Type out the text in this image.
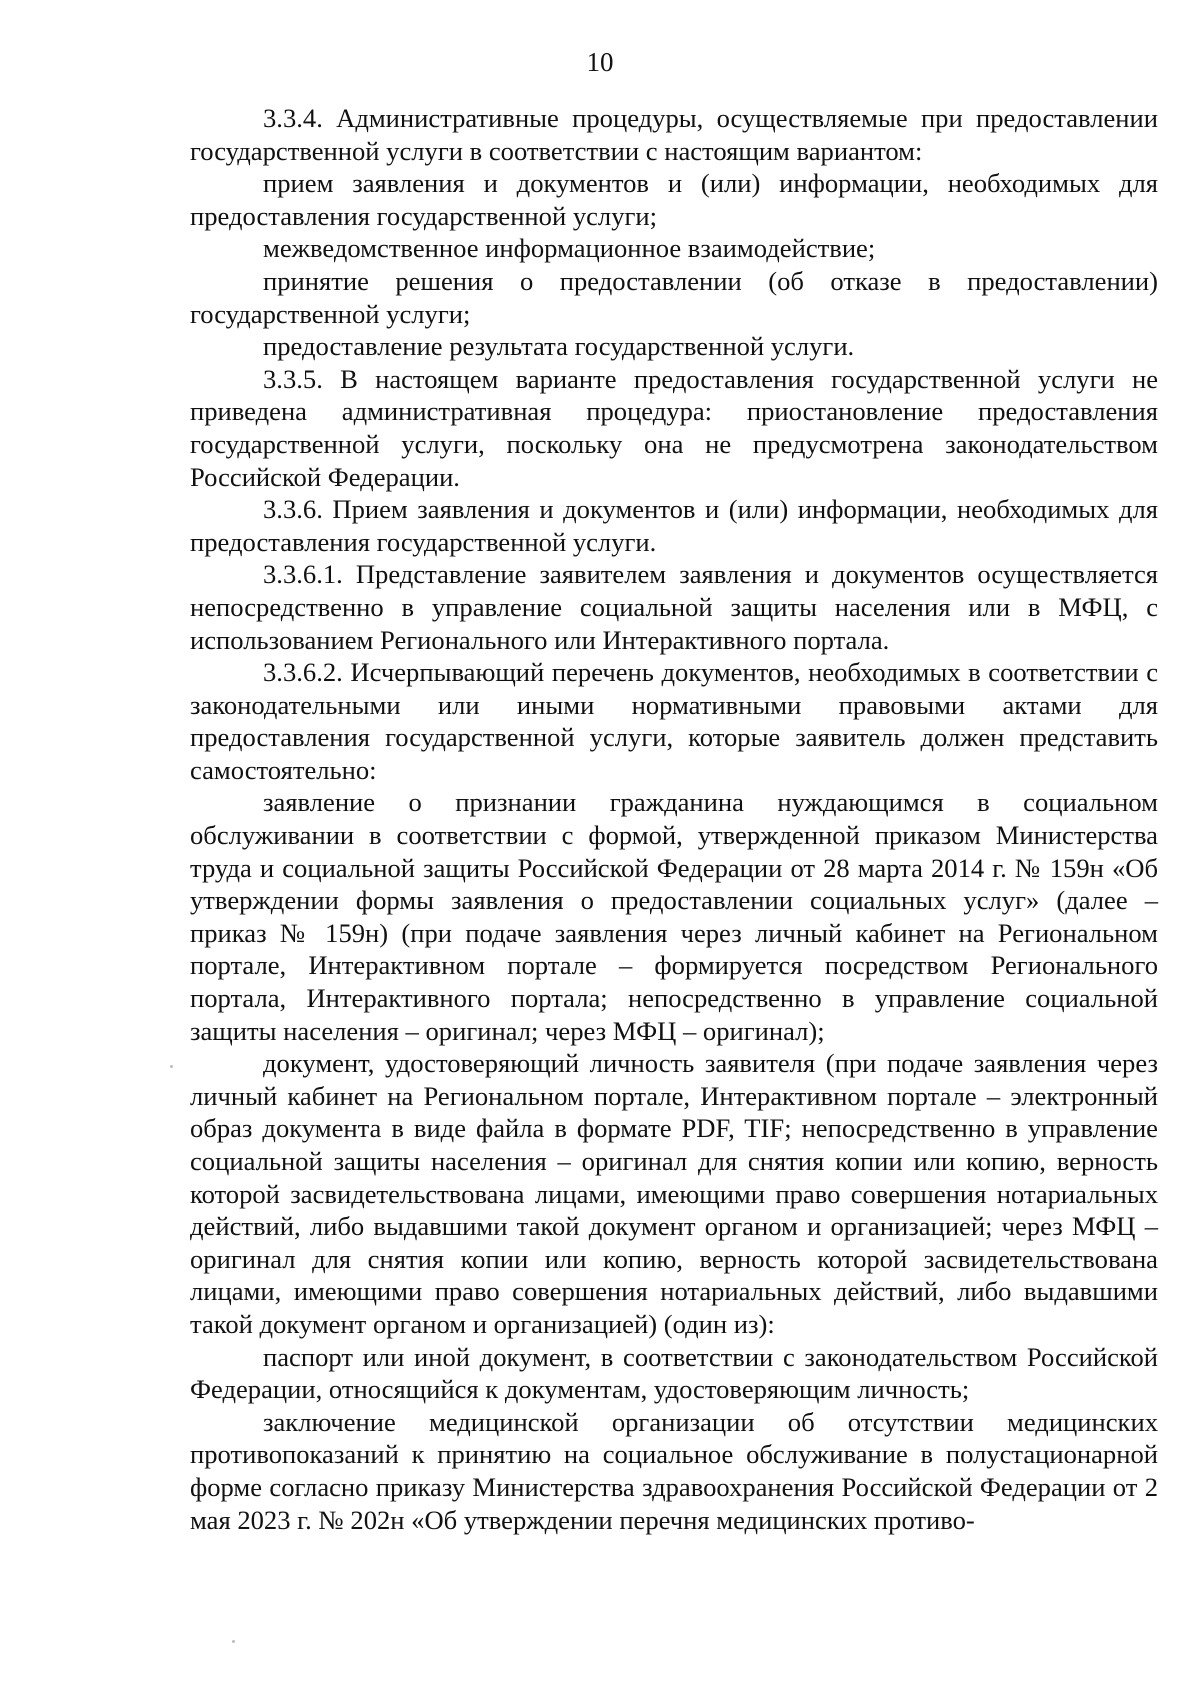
10

3.3.4. Административные процедуры, осуществляемые при предоставлении государственной услуги в соответствии с настоящим вариантом:

прием заявления и документов и (или) информации, необходимых для предоставления государственной услуги;

межведомственное информационное взаимодействие;

принятие решения о предоставлении (об отказе в предоставлении) государственной услуги;

предоставление результата государственной услуги.

3.3.5. В настоящем варианте предоставления государственной услуги не приведена административная процедура: приостановление предоставления государственной услуги, поскольку она не предусмотрена законодательством Российской Федерации.

3.3.6. Прием заявления и документов и (или) информации, необходимых для предоставления государственной услуги.

3.3.6.1. Представление заявителем заявления и документов осуществляется непосредственно в управление социальной защиты населения или в МФЦ, с использованием Регионального или Интерактивного портала.

3.3.6.2. Исчерпывающий перечень документов, необходимых в соответствии с законодательными или иными нормативными правовыми актами для предоставления государственной услуги, которые заявитель должен представить самостоятельно:

заявление о признании гражданина нуждающимся в социальном обслуживании в соответствии с формой, утвержденной приказом Министерства труда и социальной защиты Российской Федерации от 28 марта 2014 г. № 159н «Об утверждении формы заявления о предоставлении социальных услуг» (далее – приказ № 159н) (при подаче заявления через личный кабинет на Региональном портале, Интерактивном портале – формируется посредством Регионального портала, Интерактивного портала; непосредственно в управление социальной защиты населения – оригинал; через МФЦ – оригинал);

документ, удостоверяющий личность заявителя (при подаче заявления через личный кабинет на Региональном портале, Интерактивном портале – электронный образ документа в виде файла в формате PDF, TIF; непосредственно в управление социальной защиты населения – оригинал для снятия копии или копию, верность которой засвидетельствована лицами, имеющими право совершения нотариальных действий, либо выдавшими такой документ органом и организацией; через МФЦ – оригинал для снятия копии или копию, верность которой засвидетельствована лицами, имеющими право совершения нотариальных действий, либо выдавшими такой документ органом и организацией) (один из):

паспорт или иной документ, в соответствии с законодательством Российской Федерации, относящийся к документам, удостоверяющим личность;

заключение медицинской организации об отсутствии медицинских противопоказаний к принятию на социальное обслуживание в полустационарной форме согласно приказу Министерства здравоохранения Российской Федерации от 2 мая 2023 г. № 202н «Об утверждении перечня медицинских противо-
